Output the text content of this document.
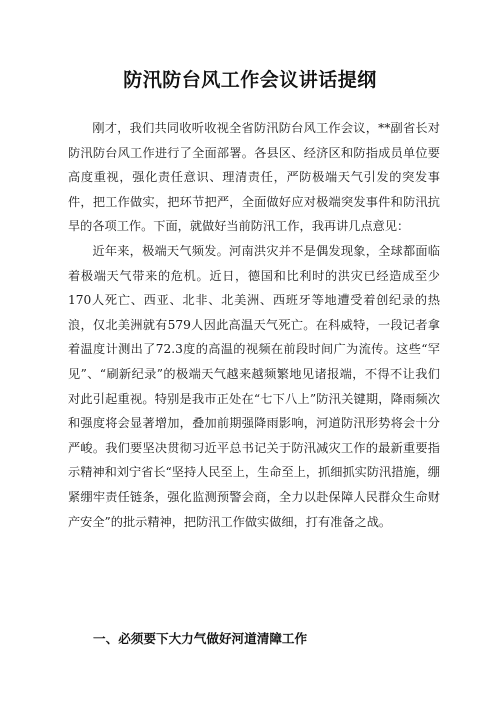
防汛防台风工作会议讲话提纲

刚才，我们共同收听收视全省防汛防台风工作会议，**副省长对防汛防台风工作进行了全面部署。各县区、经济区和防指成员单位要高度重视，强化责任意识、理清责任，严防极端天气引发的突发事件，把工作做实，把环节把严，全面做好应对极端突发事件和防汛抗旱的各项工作。下面，就做好当前防汛工作，我再讲几点意见：

近年来，极端天气频发。河南洪灾并不是偶发现象，全球都面临着极端天气带来的危机。近日，德国和比利时的洪灾已经造成至少170人死亡、西亚、北非、北美洲、西班牙等地遭受着创纪录的热浪，仅北美洲就有579人因此高温天气死亡。在科威特，一段记者拿着温度计测出了72.3度的高温的视频在前段时间广为流传。这些“罕见”、“刷新纪录”的极端天气越来越频繁地见诸报端，不得不让我们对此引起重视。特别是我市正处在“七下八上”防汛关键期，降雨频次和强度将会显著增加，叠加前期强降雨影响，河道防汛形势将会十分严峻。我们要坚决贯彻习近平总书记关于防汛减灾工作的最新重要指示精神和刘宁省长“坚持人民至上，生命至上，抓细抓实防汛措施，绷紧绷牢责任链条，强化监测预警会商，全力以赴保障人民群众生命财产安全”的批示精神，把防汛工作做实做细，打有准备之战。

一、必须要下大力气做好河道清障工作
